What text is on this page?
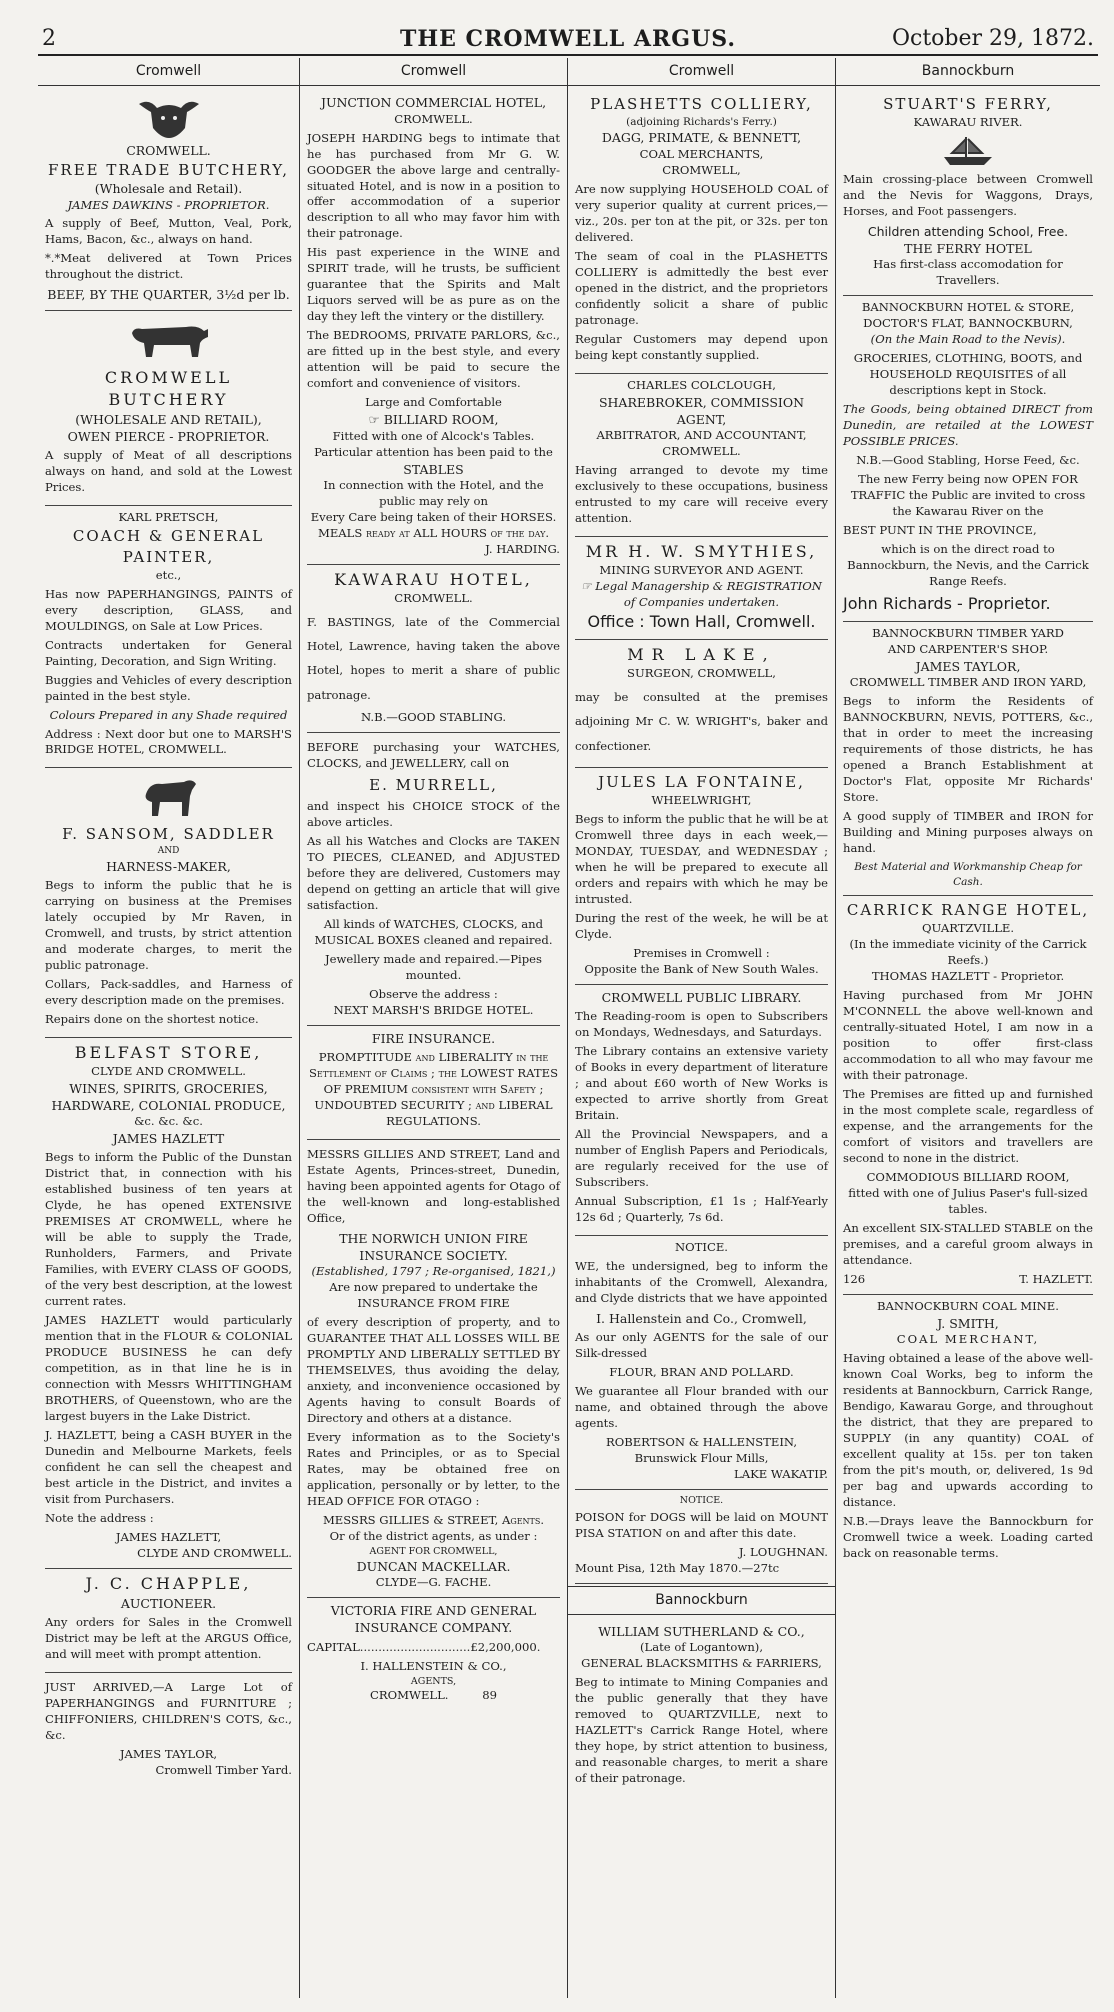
2	THE CROMWELL ARGUS.	October 29, 1872.
Cromwell
CROMWELL.
FREE TRADE BUTCHERY,
(Wholesale and Retail).
JAMES DAWKINS - PROPRIETOR.

A supply of Beef, Mutton, Veal, Pork, Hams, Bacon, &c., always on hand.

*.*Meat delivered at Town Prices throughout the district.

BEEF, BY THE QUARTER, 3½d per lb.
CROMWELL BUTCHERY
(WHOLESALE AND RETAIL),
OWEN PIERCE - PROPRIETOR.

A supply of Meat of all descriptions always on hand, and sold at the Lowest Prices.

KARL PRETSCH,
COACH & GENERAL PAINTER,
etc.,

Has now PAPERHANGINGS, PAINTS of every description, GLASS, and MOULDINGS, on Sale at Low Prices.

Contracts undertaken for General Painting, Decoration, and Sign Writing.

Buggies and Vehicles of every description painted in the best style.

Colours Prepared in any Shade required

Address : Next door but one to MARSH'S BRIDGE HOTEL, CROMWELL.

F. SANSOM, SADDLER
AND
HARNESS-MAKER,

Begs to inform the public that he is carrying on business at the Premises lately occupied by Mr Raven, in Cromwell, and trusts, by strict attention and moderate charges, to merit the public patronage.

Collars, Pack-saddles, and Harness of every description made on the premises.

Repairs done on the shortest notice.

BELFAST STORE,
CLYDE AND CROMWELL.
WINES, SPIRITS, GROCERIES, HARDWARE, COLONIAL PRODUCE,
&c. &c. &c.
JAMES HAZLETT

Begs to inform the Public of the Dunstan District that, in connection with his established business of ten years at Clyde, he has opened EXTENSIVE PREMISES AT CROMWELL, where he will be able to supply the Trade, Runholders, Farmers, and Private Families, with EVERY CLASS OF GOODS, of the very best description, at the lowest current rates.

JAMES HAZLETT would particularly mention that in the FLOUR & COLONIAL PRODUCE BUSINESS he can defy competition, as in that line he is in connection with Messrs WHITTINGHAM BROTHERS, of Queenstown, who are the largest buyers in the Lake District.

J. HAZLETT, being a CASH BUYER in the Dunedin and Melbourne Markets, feels confident he can sell the cheapest and best article in the District, and invites a visit from Purchasers.

Note the address :

JAMES HAZLETT,
CLYDE AND CROMWELL.
J. C. CHAPPLE,
AUCTIONEER.

Any orders for Sales in the Cromwell District may be left at the ARGUS Office, and will meet with prompt attention.

JUST ARRIVED,—A Large Lot of PAPERHANGINGS and FURNITURE ; CHIFFONIERS, CHILDREN'S COTS, &c., &c.

JAMES TAYLOR,
Cromwell Timber Yard.
Cromwell
JUNCTION COMMERCIAL HOTEL,
CROMWELL.

JOSEPH HARDING begs to intimate that he has purchased from Mr G. W. GOODGER the above large and centrally-situated Hotel, and is now in a position to offer accommodation of a superior description to all who may favor him with their patronage.

His past experience in the WINE and SPIRIT trade, will he trusts, be sufficient guarantee that the Spirits and Malt Liquors served will be as pure as on the day they left the vintery or the distillery.

The BEDROOMS, PRIVATE PARLORS, &c., are fitted up in the best style, and every attention will be paid to secure the comfort and convenience of visitors.

Large and Comfortable
☞ BILLIARD ROOM,
Fitted with one of Alcock's Tables.
Particular attention has been paid to the
STABLES
In connection with the Hotel, and the public may rely on
Every Care being taken of their HORSES.
MEALS ready at ALL HOURS of the day.
J. HARDING.
KAWARAU HOTEL,
CROMWELL.

F. BASTINGS, late of the Commercial Hotel, Lawrence, having taken the above Hotel, hopes to merit a share of public patronage.

N.B.—GOOD STABLING.

BEFORE purchasing your WATCHES, CLOCKS, and JEWELLERY, call on

E. MURRELL,

and inspect his CHOICE STOCK of the above articles.

As all his Watches and Clocks are TAKEN TO PIECES, CLEANED, and ADJUSTED before they are delivered, Customers may depend on getting an article that will give satisfaction.

All kinds of WATCHES, CLOCKS, and MUSICAL BOXES cleaned and repaired.

Jewellery made and repaired.—Pipes mounted.

Observe the address :
NEXT MARSH'S BRIDGE HOTEL.
FIRE INSURANCE.

PROMPTITUDE and LIBERALITY in the Settlement of Claims ; the LOWEST RATES OF PREMIUM consistent with Safety ; UNDOUBTED SECURITY ; and LIBERAL REGULATIONS.

MESSRS GILLIES AND STREET, Land and Estate Agents, Princes-street, Dunedin, having been appointed agents for Otago of the well-known and long-established Office,

THE NORWICH UNION FIRE INSURANCE SOCIETY.
(Established, 1797 ; Re-organised, 1821,)
Are now prepared to undertake the
INSURANCE FROM FIRE

of every description of property, and to GUARANTEE THAT ALL LOSSES WILL BE PROMPTLY AND LIBERALLY SETTLED BY THEMSELVES, thus avoiding the delay, anxiety, and inconvenience occasioned by Agents having to consult Boards of Directory and others at a distance.

Every information as to the Society's Rates and Principles, or as to Special Rates, may be obtained free on application, personally or by letter, to the HEAD OFFICE FOR OTAGO :

MESSRS GILLIES & STREET, Agents.
Or of the district agents, as under :
AGENT FOR CROMWELL,
DUNCAN MACKELLAR.
CLYDE—G. FACHE.
VICTORIA FIRE AND GENERAL INSURANCE COMPANY.

CAPITAL..............................£2,200,000.

I. HALLENSTEIN & CO.,
AGENTS,
CROMWELL.	89
Cromwell
PLASHETTS COLLIERY,
(adjoining Richards's Ferry.)
DAGG, PRIMATE, & BENNETT,
COAL MERCHANTS,
CROMWELL,

Are now supplying HOUSEHOLD COAL of very superior quality at current prices,—viz., 20s. per ton at the pit, or 32s. per ton delivered.

The seam of coal in the PLASHETTS COLLIERY is admittedly the best ever opened in the district, and the proprietors confidently solicit a share of public patronage.

Regular Customers may depend upon being kept constantly supplied.

CHARLES COLCLOUGH,
SHAREBROKER, COMMISSION AGENT,
ARBITRATOR, AND ACCOUNTANT,
CROMWELL.

Having arranged to devote my time exclusively to these occupations, business entrusted to my care will receive every attention.

MR H. W. SMYTHIES,
MINING SURVEYOR AND AGENT.
☞ Legal Managership & REGISTRATION of Companies undertaken.
Office : Town Hall, Cromwell.
MR LAKE,
SURGEON, CROMWELL,

may be consulted at the premises adjoining Mr C. W. WRIGHT's, baker and confectioner.

JULES LA FONTAINE,
WHEELWRIGHT,

Begs to inform the public that he will be at Cromwell three days in each week,—MONDAY, TUESDAY, and WEDNESDAY ; when he will be prepared to execute all orders and repairs with which he may be intrusted.

During the rest of the week, he will be at Clyde.

Premises in Cromwell :
Opposite the Bank of New South Wales.
CROMWELL PUBLIC LIBRARY.

The Reading-room is open to Subscribers on Mondays, Wednesdays, and Saturdays.

The Library contains an extensive variety of Books in every department of literature ; and about £60 worth of New Works is expected to arrive shortly from Great Britain.

All the Provincial Newspapers, and a number of English Papers and Periodicals, are regularly received for the use of Subscribers.

Annual Subscription, £1 1s ; Half-Yearly 12s 6d ; Quarterly, 7s 6d.

NOTICE.

WE, the undersigned, beg to inform the inhabitants of the Cromwell, Alexandra, and Clyde districts that we have appointed

I. Hallenstein and Co., Cromwell,

As our only AGENTS for the sale of our Silk-dressed

FLOUR, BRAN AND POLLARD.

We guarantee all Flour branded with our name, and obtained through the above agents.

ROBERTSON & HALLENSTEIN,
Brunswick Flour Mills,
LAKE WAKATIP.
NOTICE.

POISON for DOGS will be laid on MOUNT PISA STATION on and after this date.

J. LOUGHNAN.
Mount Pisa, 12th May 1870.—27tc
Bannockburn
WILLIAM SUTHERLAND & CO.,
(Late of Logantown),
GENERAL BLACKSMITHS & FARRIERS,

Beg to intimate to Mining Companies and the public generally that they have removed to QUARTZVILLE, next to HAZLETT's Carrick Range Hotel, where they hope, by strict attention to business, and reasonable charges, to merit a share of their patronage.

Bannockburn
STUART'S FERRY,
KAWARAU RIVER.

Main crossing-place between Cromwell and the Nevis for Waggons, Drays, Horses, and Foot passengers.

Children attending School, Free.
THE FERRY HOTEL
Has first-class accomodation for Travellers.
BANNOCKBURN HOTEL & STORE,
DOCTOR'S FLAT, BANNOCKBURN,
(On the Main Road to the Nevis).

GROCERIES, CLOTHING, BOOTS, and HOUSEHOLD REQUISITES of all descriptions kept in Stock.

The Goods, being obtained DIRECT from Dunedin, are retailed at the LOWEST POSSIBLE PRICES.

N.B.—Good Stabling, Horse Feed, &c.

The new Ferry being now OPEN FOR TRAFFIC the Public are invited to cross the Kawarau River on the

BEST PUNT IN THE PROVINCE,

which is on the direct road to Bannockburn, the Nevis, and the Carrick Range Reefs.

John Richards - Proprietor.
BANNOCKBURN TIMBER YARD
AND CARPENTER'S SHOP.
JAMES TAYLOR,
CROMWELL TIMBER AND IRON YARD,

Begs to inform the Residents of BANNOCKBURN, NEVIS, POTTERS, &c., that in order to meet the increasing requirements of those districts, he has opened a Branch Establishment at Doctor's Flat, opposite Mr Richards' Store.

A good supply of TIMBER and IRON for Building and Mining purposes always on hand.

Best Material and Workmanship Cheap for Cash.
CARRICK RANGE HOTEL,
QUARTZVILLE.
(In the immediate vicinity of the Carrick Reefs.)
THOMAS HAZLETT - Proprietor.

Having purchased from Mr JOHN M'CONNELL the above well-known and centrally-situated Hotel, I am now in a position to offer first-class accommodation to all who may favour me with their patronage.

The Premises are fitted up and furnished in the most complete scale, regardless of expense, and the arrangements for the comfort of visitors and travellers are second to none in the district.

COMMODIOUS BILLIARD ROOM,
fitted with one of Julius Paser's full-sized tables.

An excellent SIX-STALLED STABLE on the premises, and a careful groom always in attendance.

126	T. HAZLETT.
BANNOCKBURN COAL MINE.
J. SMITH,
COAL MERCHANT,

Having obtained a lease of the above well-known Coal Works, beg to inform the residents at Bannockburn, Carrick Range, Bendigo, Kawarau Gorge, and throughout the district, that they are prepared to SUPPLY (in any quantity) COAL of excellent quality at 15s. per ton taken from the pit's mouth, or, delivered, 1s 9d per bag and upwards according to distance.

N.B.—Drays leave the Bannockburn for Cromwell twice a week. Loading carted back on reasonable terms.
